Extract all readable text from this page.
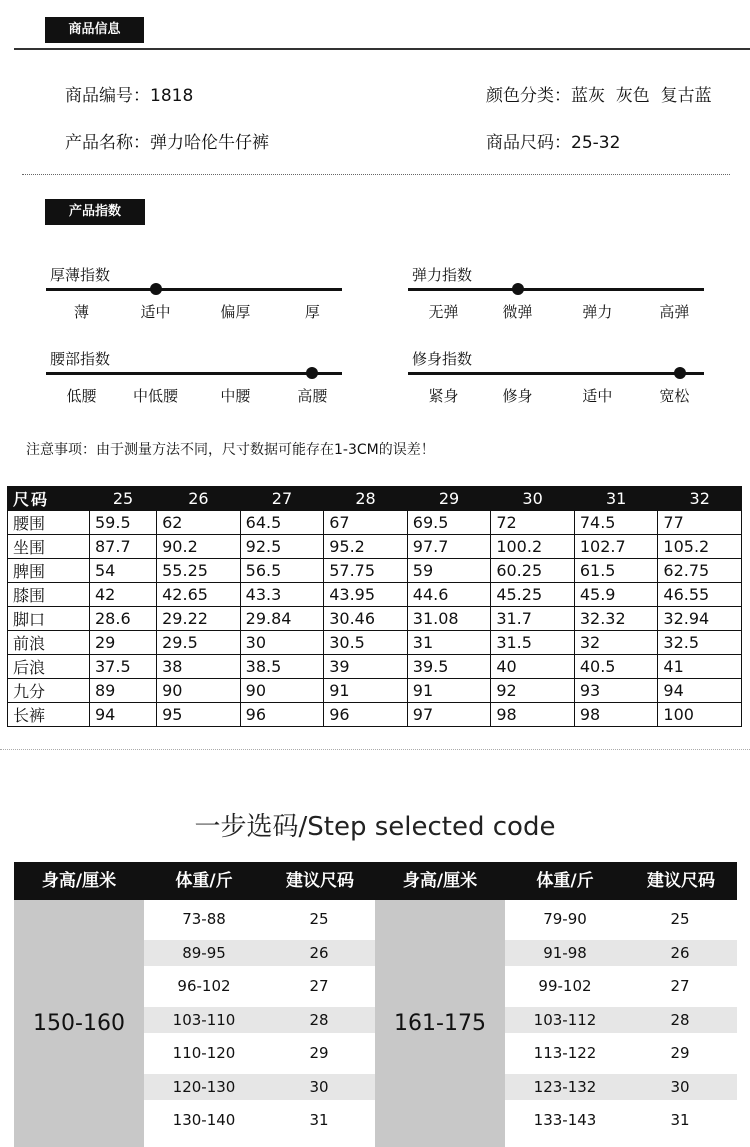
商品信息
商品编号：1818	颜色分类：蓝灰  灰色  复古蓝
产品名称：弹力哈伦牛仔裤	商品尺码：25-32
产品指数
厚薄指数
薄	适中	偏厚	厚
弹力指数
无弹	微弹	弹力	高弹
腰部指数
低腰 中低腰	中腰	高腰
修身指数
紧身	修身	适中	宽松
注意事项：由于测量方法不同，尺寸数据可能存在1-3CM的误差！
尺码	25	26	27	28	29	30	31	32
腰围	59.5	62	64.5	67	69.5	72	74.5	77
坐围	87.7	90.2	92.5	95.2	97.7	100.2	102.7	105.2
脾围	54	55.25	56.5	57.75	59	60.25	61.5	62.75
膝围	42	42.65	43.3	43.95	44.6	45.25	45.9	46.55
脚口	28.6	29.22	29.84	30.46	31.08	31.7	32.32	32.94
前浪	29	29.5	30	30.5	31	31.5	32	32.5
后浪	37.5	38	38.5	39	39.5	40	40.5	41
九分	89	90	90	91	91	92	93	94
长裤	94	95	96	96	97	98	98	100
一步选码/Step selected code
身高/厘米	体重/斤	建议尺码
150-160
73-88	25
89-95	26
96-102	27
103-110	28
110-120	29
120-130	30
130-140	31
身高/厘米	体重/斤	建议尺码
161-175
79-90	25
91-98	26
99-102	27
103-112	28
113-122	29
123-132	30
133-143	31
